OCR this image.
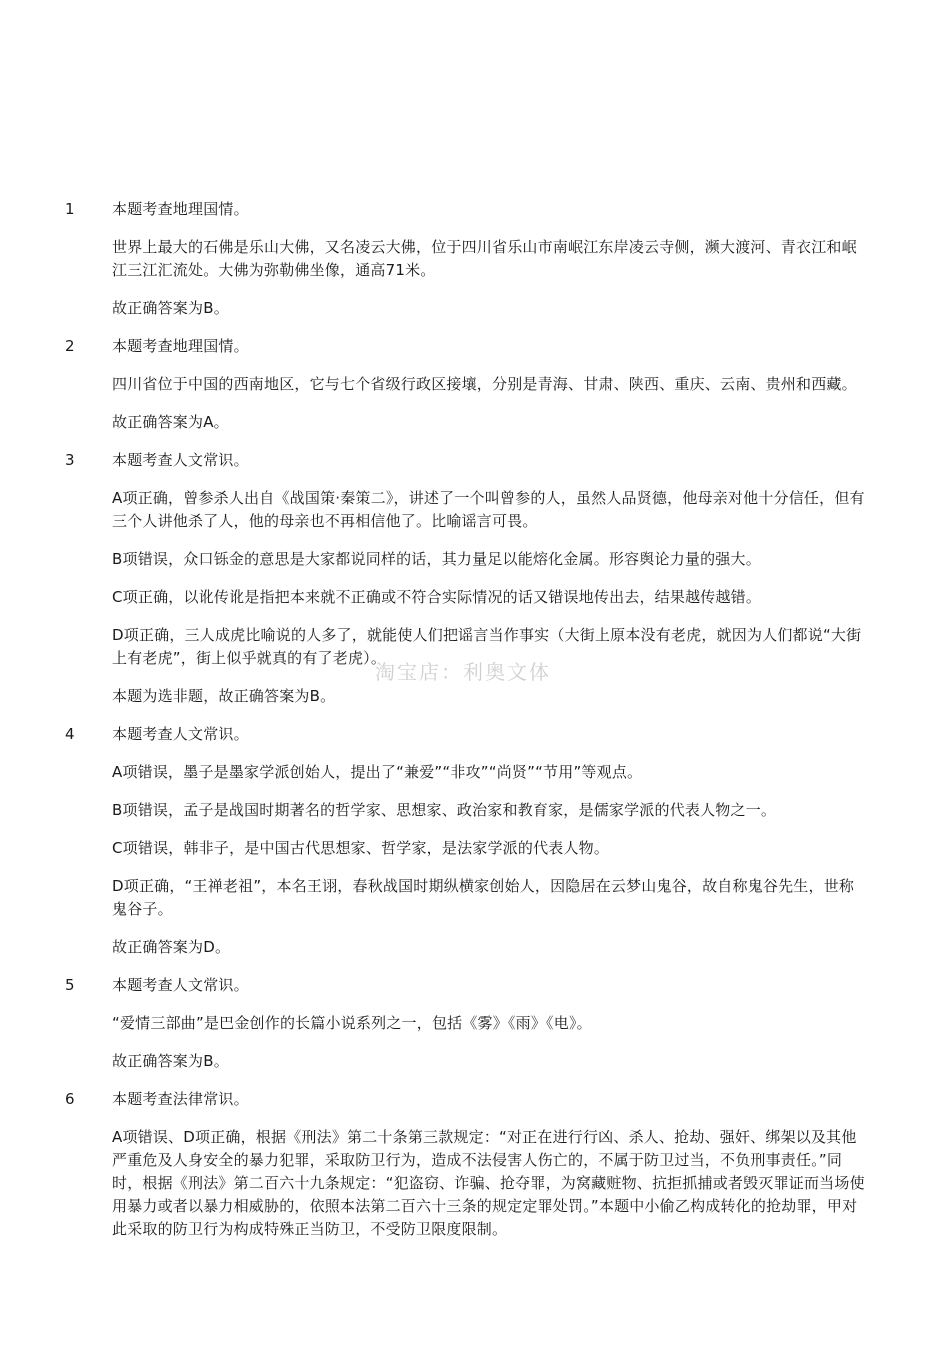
1 本题考查地理国情。

世界上最大的石佛是乐山大佛，又名凌云大佛，位于四川省乐山市南岷江东岸凌云寺侧，濒大渡河、青衣江和岷江三江汇流处。大佛为弥勒佛坐像，通高71米。

故正确答案为B。

2 本题考查地理国情。

四川省位于中国的西南地区，它与七个省级行政区接壤，分别是青海、甘肃、陕西、重庆、云南、贵州和西藏。

故正确答案为A。

3 本题考查人文常识。

A项正确，曾参杀人出自《战国策·秦策二》，讲述了一个叫曾参的人，虽然人品贤德，他母亲对他十分信任，但有三个人讲他杀了人，他的母亲也不再相信他了。比喻谣言可畏。

B项错误，众口铄金的意思是大家都说同样的话，其力量足以能熔化金属。形容舆论力量的强大。

C项正确，以讹传讹是指把本来就不正确或不符合实际情况的话又错误地传出去，结果越传越错。

D项正确，三人成虎比喻说的人多了，就能使人们把谣言当作事实（大街上原本没有老虎，就因为人们都说“大街上有老虎”，街上似乎就真的有了老虎）。

本题为选非题，故正确答案为B。

4 本题考查人文常识。

A项错误，墨子是墨家学派创始人，提出了“兼爱”“非攻”“尚贤”“节用”等观点。

B项错误，孟子是战国时期著名的哲学家、思想家、政治家和教育家，是儒家学派的代表人物之一。

C项错误，韩非子，是中国古代思想家、哲学家，是法家学派的代表人物。

D项正确，“王禅老祖”，本名王诩，春秋战国时期纵横家创始人，因隐居在云梦山鬼谷，故自称鬼谷先生，世称鬼谷子。

故正确答案为D。

5 本题考查人文常识。

“爱情三部曲”是巴金创作的长篇小说系列之一，包括《雾》《雨》《电》。

故正确答案为B。

6 本题考查法律常识。

A项错误、D项正确，根据《刑法》第二十条第三款规定：“对正在进行行凶、杀人、抢劫、强奸、绑架以及其他严重危及人身安全的暴力犯罪，采取防卫行为，造成不法侵害人伤亡的，不属于防卫过当，不负刑事责任。”同时，根据《刑法》第二百六十九条规定：“犯盗窃、诈骗、抢夺罪，为窝藏赃物、抗拒抓捕或者毁灭罪证而当场使用暴力或者以暴力相威胁的，依照本法第二百六十三条的规定定罪处罚。”本题中小偷乙构成转化的抢劫罪，甲对此采取的防卫行为构成特殊正当防卫，不受防卫限度限制。

淘宝店：利奥文体
